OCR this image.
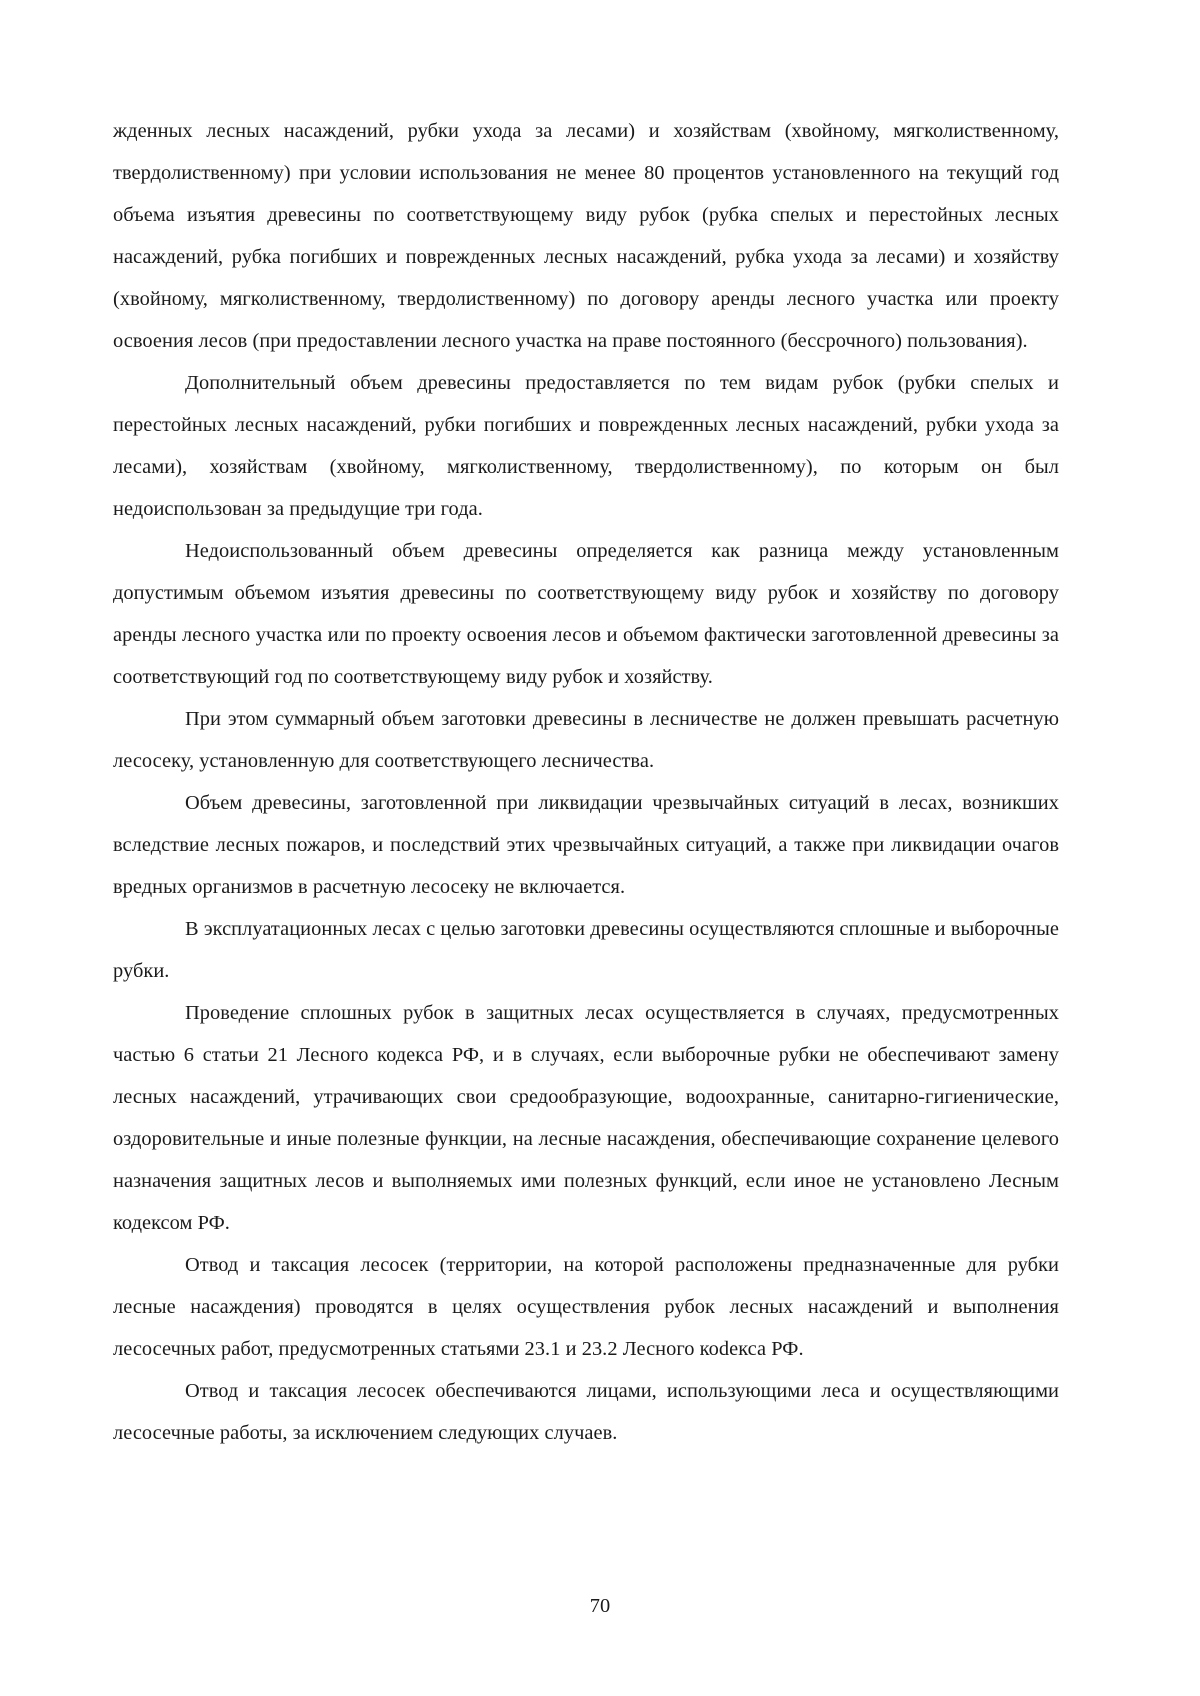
жденных лесных насаждений, рубки ухода за лесами) и хозяйствам (хвойному, мягколиственному, твердолиственному) при условии использования не менее 80 процентов установленного на текущий год объема изъятия древесины по соответствующему виду рубок (рубка спелых и перестойных лесных насаждений, рубка погибших и поврежденных лесных насаждений, рубка ухода за лесами) и хозяйству (хвойному, мягколиственному, твердолиственному) по договору аренды лесного участка или проекту освоения лесов (при предоставлении лесного участка на праве постоянного (бессрочного) пользования).

Дополнительный объем древесины предоставляется по тем видам рубок (рубки спелых и перестойных лесных насаждений, рубки погибших и поврежденных лесных насаждений, рубки ухода за лесами), хозяйствам (хвойному, мягколиственному, твердолиственному), по которым он был недоиспользован за предыдущие три года.

Недоиспользованный объем древесины определяется как разница между установленным допустимым объемом изъятия древесины по соответствующему виду рубок и хозяйству по договору аренды лесного участка или по проекту освоения лесов и объемом фактически заготовленной древесины за соответствующий год по соответствующему виду рубок и хозяйству.

При этом суммарный объем заготовки древесины в лесничестве не должен превышать расчетную лесосеку, установленную для соответствующего лесничества.

Объем древесины, заготовленной при ликвидации чрезвычайных ситуаций в лесах, возникших вследствие лесных пожаров, и последствий этих чрезвычайных ситуаций, а также при ликвидации очагов вредных организмов в расчетную лесосеку не включается.

В эксплуатационных лесах с целью заготовки древесины осуществляются сплошные и выборочные рубки.

Проведение сплошных рубок в защитных лесах осуществляется в случаях, предусмотренных частью 6 статьи 21 Лесного кодекса РФ, и в случаях, если выборочные рубки не обеспечивают замену лесных насаждений, утрачивающих свои средообразующие, водоохранные, санитарно-гигиенические, оздоровительные и иные полезные функции, на лесные насаждения, обеспечивающие сохранение целевого назначения защитных лесов и выполняемых ими полезных функций, если иное не установлено Лесным кодексом РФ.

Отвод и таксация лесосек (территории, на которой расположены предназначенные для рубки лесные насаждения) проводятся в целях осуществления рубок лесных насаждений и выполнения лесосечных работ, предусмотренных статьями 23.1 и 23.2 Лесного коdекса РФ.

Отвод и таксация лесосек обеспечиваются лицами, использующими леса и осуществляющими лесосечные работы, за исключением следующих случаев.

70
